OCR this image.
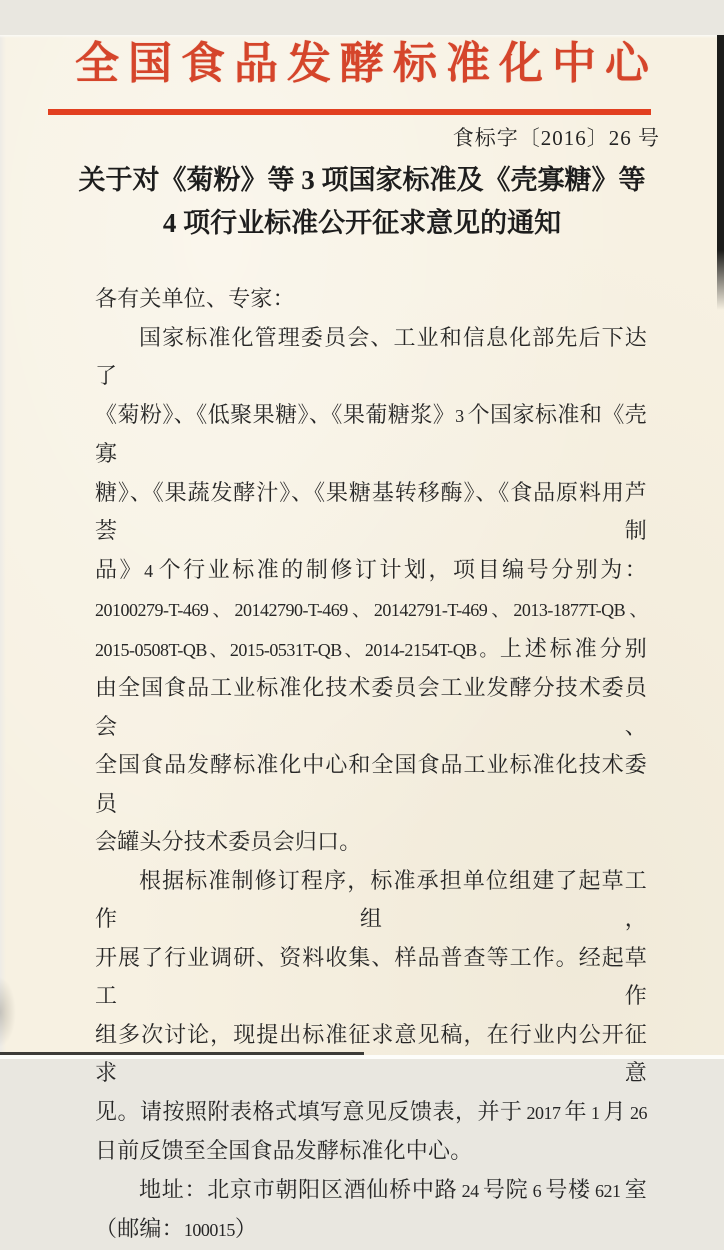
全国食品发酵标准化中心
食标字〔2016〕26 号
关于对《菊粉》等 3 项国家标准及《壳寡糖》等
4 项行业标准公开征求意见的通知
各有关单位、专家：
国家标准化管理委员会、工业和信息化部先后下达了
《菊粉》、《低聚果糖》、《果葡糖浆》3 个国家标准和《壳寡
糖》、《果蔬发酵汁》、《果糖基转移酶》、《食品原料用芦荟制
品》4 个行业标准的制修订计划，项目编号分别为：
20100279-T-469、20142790-T-469、20142791-T-469、2013-1877T-QB、
2015-0508T-QB、2015-0531T-QB、2014-2154T-QB。上述标准分别
由全国食品工业标准化技术委员会工业发酵分技术委员会、
全国食品发酵标准化中心和全国食品工业标准化技术委员
会罐头分技术委员会归口。
根据标准制修订程序，标准承担单位组建了起草工作组，
开展了行业调研、资料收集、样品普查等工作。经起草工作
组多次讨论，现提出标准征求意见稿，在行业内公开征求意
见。请按照附表格式填写意见反馈表，并于 2017 年 1 月 26
日前反馈至全国食品发酵标准化中心。
地址：北京市朝阳区酒仙桥中路 24 号院 6 号楼 621 室
（邮编：100015）
